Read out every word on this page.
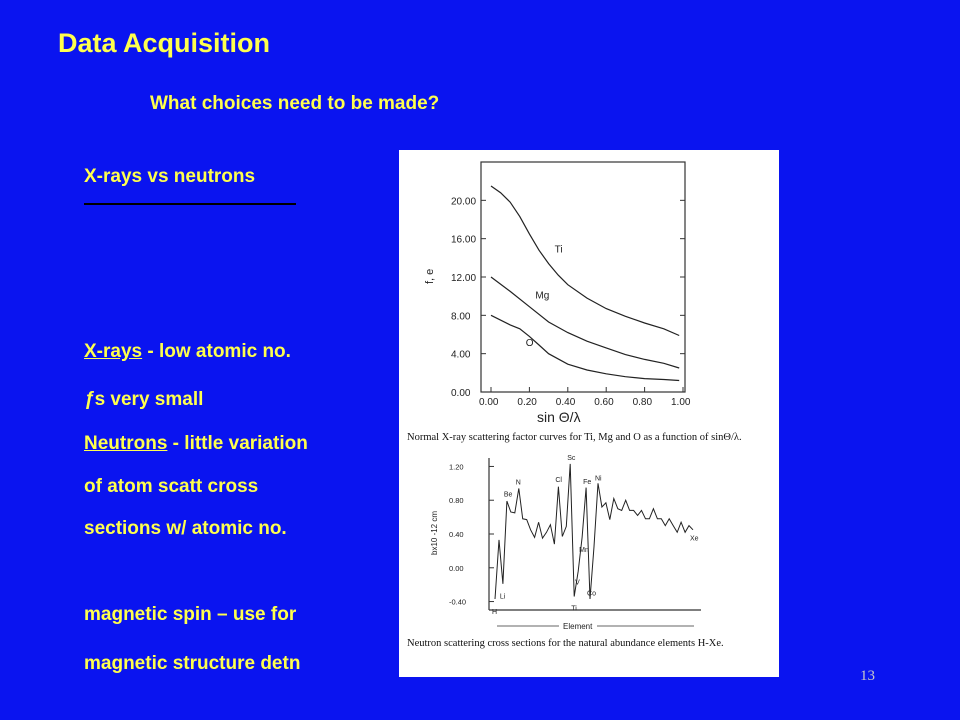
Data Acquisition
What choices need to be made?
X-rays vs neutrons
X-rays - low atomic no.
ƒs very small
Neutrons - little variation
of atom scatt cross
sections w/ atomic no.
magnetic spin – use for
magnetic structure detn
f, e
sin Θ/λ
Normal X-ray scattering factor curves for Ti, Mg and O as a function of sinΘ/λ.
0.00 0.20 0.40 0.60 0.80 1.00
0.00
4.00
8.00
12.00
16.00
20.00
Ti
Mg
O
bx10 -12 cm
Element
Neutron scattering cross sections for the natural abundance elements H-Xe.
-0.40
0.00
0.40
0.80
1.20
H
Li
Be
N	Cl
Sc
Fe Ni
V
Ti
Mn
Co
Xe
13
